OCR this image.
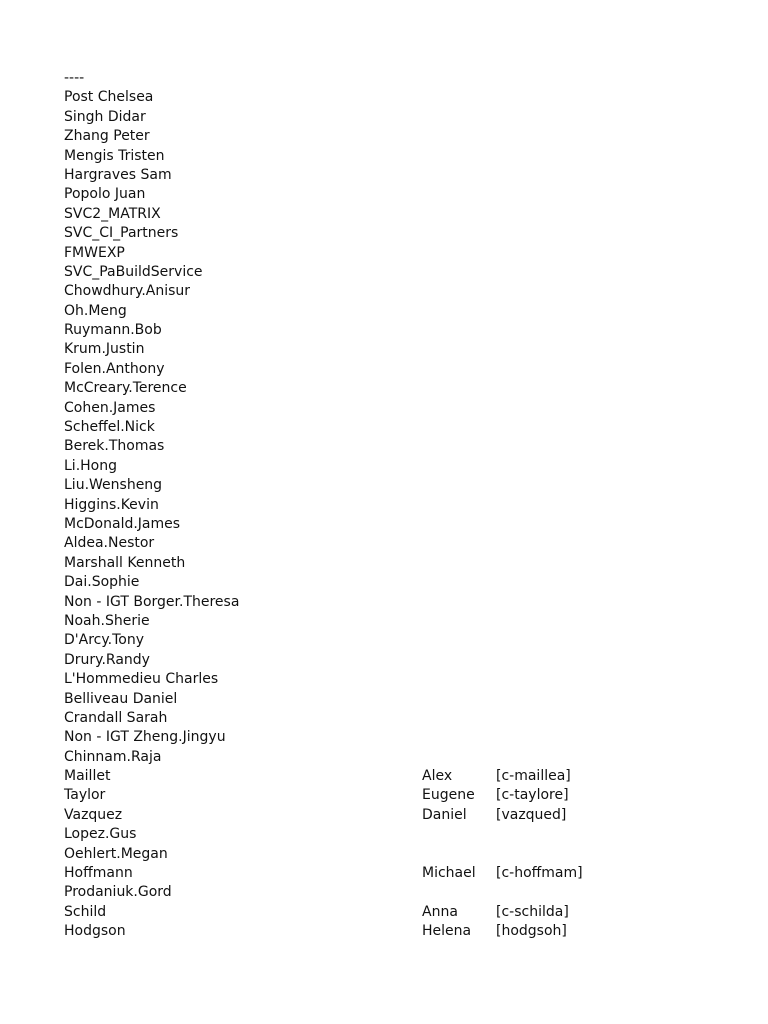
----
Post Chelsea
Singh Didar
Zhang Peter
Mengis Tristen
Hargraves Sam
Popolo Juan
SVC2_MATRIX
SVC_CI_Partners
FMWEXP
SVC_PaBuildService
Chowdhury.Anisur
Oh.Meng
Ruymann.Bob
Krum.Justin
Folen.Anthony
McCreary.Terence
Cohen.James
Scheffel.Nick
Berek.Thomas
Li.Hong
Liu.Wensheng
Higgins.Kevin
McDonald.James
Aldea.Nestor
Marshall Kenneth
Dai.Sophie
Non - IGT Borger.Theresa
Noah.Sherie
D'Arcy.Tony
Drury.Randy
L'Hommedieu Charles
Belliveau Daniel
Crandall Sarah
Non - IGT Zheng.Jingyu
Chinnam.Raja
Maillet	Alex	[c-maillea]
Taylor	Eugene [c-taylore]
Vazquez	Daniel [vazqued]
Lopez.Gus
Oehlert.Megan
Hoffmann	Michael [c-hoffmam]
Prodaniuk.Gord
Schild	Anna	[c-schilda]
Hodgson	Helena [hodgsoh]
